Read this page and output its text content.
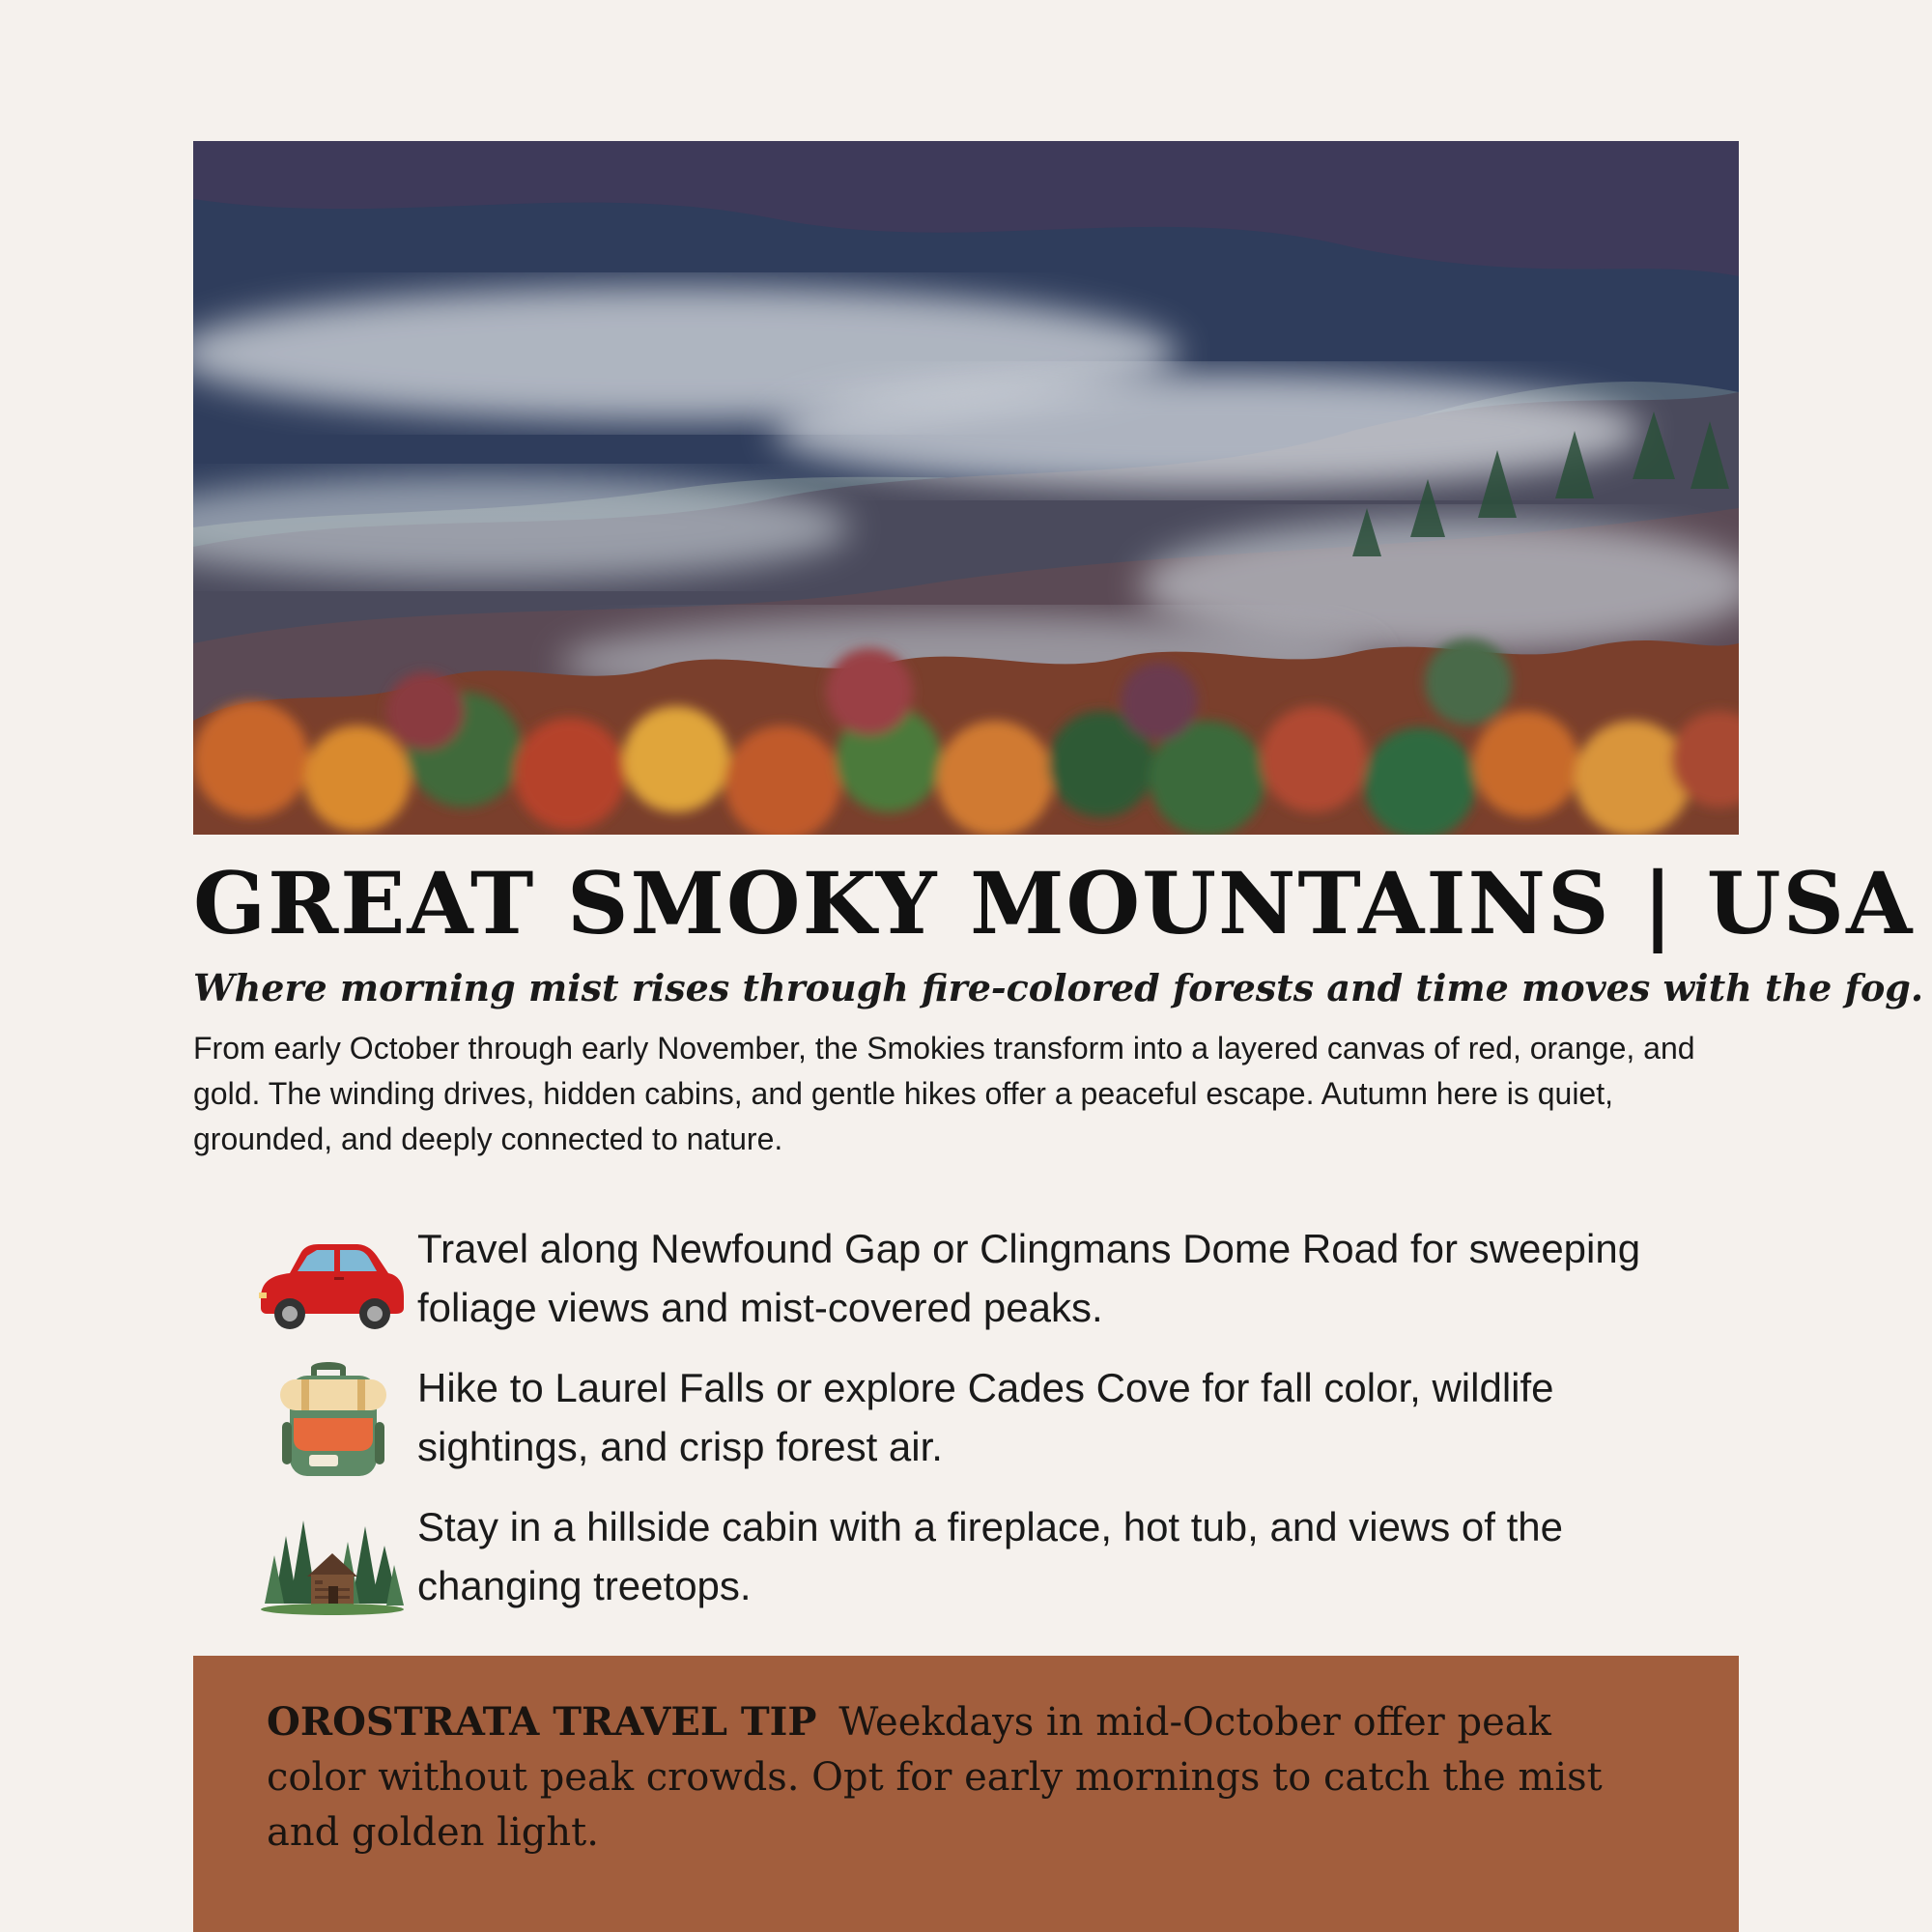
GREAT SMOKY MOUNTAINS | USA
Where morning mist rises through fire-colored forests and time moves with the fog.
From early October through early November, the Smokies transform into a layered canvas of red, orange, and gold. The winding drives, hidden cabins, and gentle hikes offer a peaceful escape. Autumn here is quiet, grounded, and deeply connected to nature.
Travel along Newfound Gap or Clingmans Dome Road for sweeping foliage views and mist-covered peaks.
Hike to Laurel Falls or explore Cades Cove for fall color, wildlife sightings, and crisp forest air.
Stay in a hillside cabin with a fireplace, hot tub, and views of the changing treetops.
OROSTRATA TRAVEL TIP Weekdays in mid-October offer peak color without peak crowds. Opt for early mornings to catch the mist and golden light.
